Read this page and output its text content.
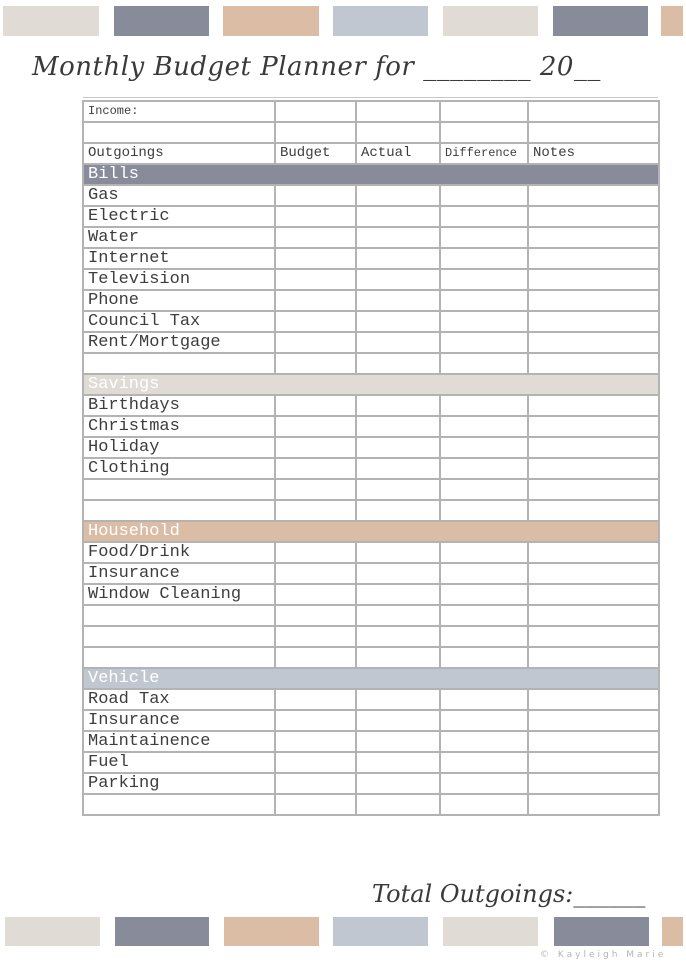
Monthly Budget Planner for ________ 20__
Income:				

Outgoings	Budget	Actual	Difference	Notes
Bills				
Gas				
Electric				
Water				
Internet				
Television				
Phone				
Council Tax				
Rent/Mortgage				

Savings				
Birthdays				
Christmas				
Holiday				
Clothing				

Household				
Food/Drink				
Insurance				
Window Cleaning				

Vehicle				
Road Tax				
Insurance				
Maintainence				
Fuel				
Parking				

Total Outgoings:______
© Kayleigh Marie
